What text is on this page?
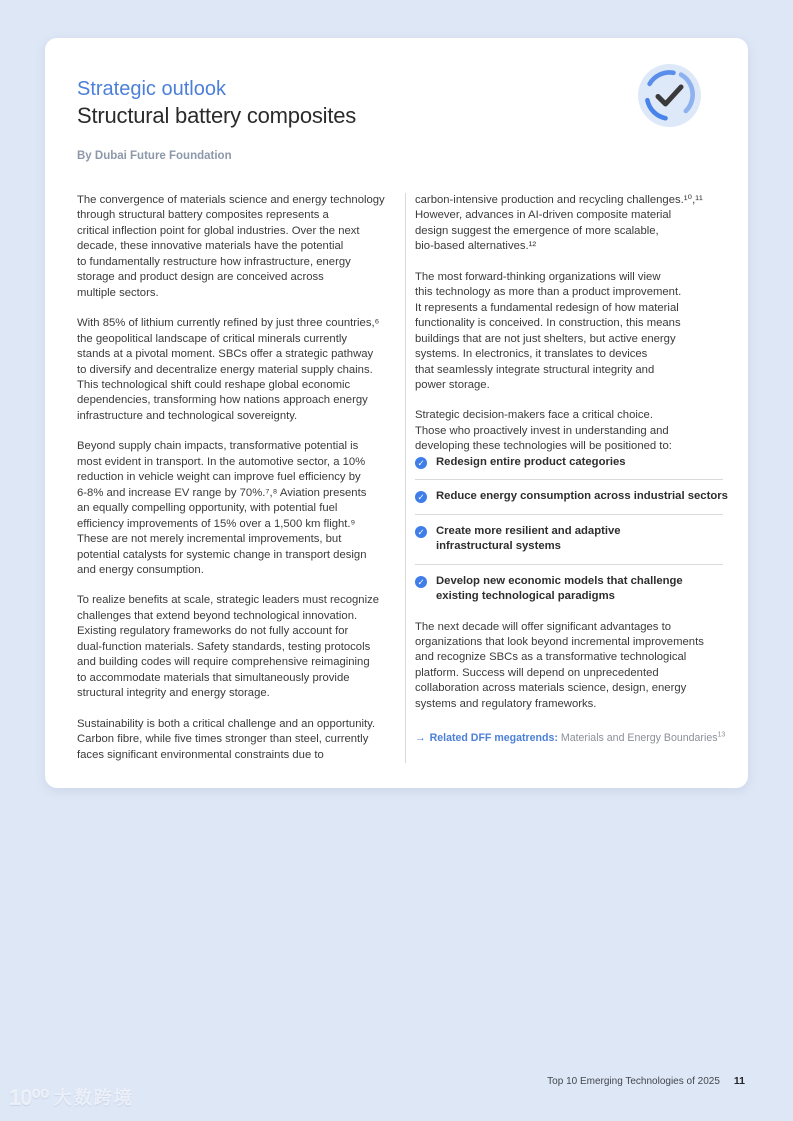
Strategic outlook
Structural battery composites
By Dubai Future Foundation

The convergence of materials science and energy technology
through structural battery composites represents a
critical inflection point for global industries. Over the next
decade, these innovative materials have the potential
to fundamentally restructure how infrastructure, energy
storage and product design are conceived across
multiple sectors.

With 85% of lithium currently refined by just three countries,⁶
the geopolitical landscape of critical minerals currently
stands at a pivotal moment. SBCs offer a strategic pathway
to diversify and decentralize energy material supply chains.
This technological shift could reshape global economic
dependencies, transforming how nations approach energy
infrastructure and technological sovereignty.

Beyond supply chain impacts, transformative potential is
most evident in transport. In the automotive sector, a 10%
reduction in vehicle weight can improve fuel efficiency by
6-8% and increase EV range by 70%.⁷,⁸ Aviation presents
an equally compelling opportunity, with potential fuel
efficiency improvements of 15% over a 1,500 km flight.⁹
These are not merely incremental improvements, but
potential catalysts for systemic change in transport design
and energy consumption.

To realize benefits at scale, strategic leaders must recognize
challenges that extend beyond technological innovation.
Existing regulatory frameworks do not fully account for
dual-function materials. Safety standards, testing protocols
and building codes will require comprehensive reimagining
to accommodate materials that simultaneously provide
structural integrity and energy storage.

Sustainability is both a critical challenge and an opportunity.
Carbon fibre, while five times stronger than steel, currently
faces significant environmental constraints due to

carbon-intensive production and recycling challenges.¹⁰,¹¹
However, advances in AI-driven composite material
design suggest the emergence of more scalable,
bio-based alternatives.¹²

The most forward-thinking organizations will view
this technology as more than a product improvement.
It represents a fundamental redesign of how material
functionality is conceived. In construction, this means
buildings that are not just shelters, but active energy
systems. In electronics, it translates to devices
that seamlessly integrate structural integrity and
power storage.

Strategic decision-makers face a critical choice.
Those who proactively invest in understanding and
developing these technologies will be positioned to:

✓ Redesign entire product categories
✓ Reduce energy consumption across industrial sectors
✓ Create more resilient and adaptive
infrastructural systems
✓ Develop new economic models that challenge
existing technological paradigms

The next decade will offer significant advantages to
organizations that look beyond incremental improvements
and recognize SBCs as a transformative technological
platform. Success will depend on unprecedented
collaboration across materials science, design, energy
systems and regulatory frameworks.

→ Related DFF megatrends: Materials and Energy Boundaries$^{13}$
Top 10 Emerging Technologies of 2025 11
10⁰⁰ 大数跨境
